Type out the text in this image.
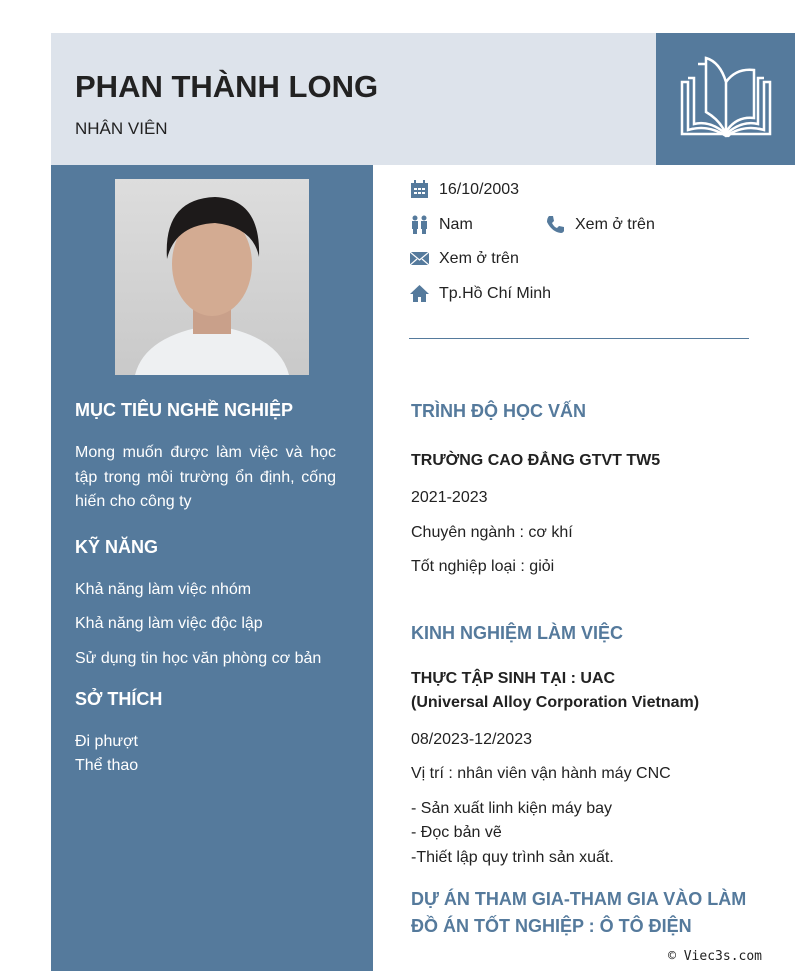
PHAN THÀNH LONG
NHÂN VIÊN
MỤC TIÊU NGHỀ NGHIỆP
Mong muốn được làm việc và học tập trong môi trường ổn định, cống hiến cho công ty
KỸ NĂNG
Khả năng làm việc nhóm
Khả năng làm việc độc lập
Sử dụng tin học văn phòng cơ bản
SỞ THÍCH
Đi phượt
Thể thao
16/10/2003
Nam	Xem ở trên
Xem ở trên
Tp.Hồ Chí Minh
TRÌNH ĐỘ HỌC VẤN
TRƯỜNG CAO ĐẲNG GTVT TW5
2021-2023
Chuyên ngành : cơ khí
Tốt nghiệp loại : giỏi
KINH NGHIỆM LÀM VIỆC
THỰC TẬP SINH TẠI : UAC
(Universal Alloy Corporation Vietnam)
08/2023-12/2023
Vị trí : nhân viên vận hành máy CNC
- Sản xuất linh kiện máy bay
- Đọc bản vẽ
-Thiết lập quy trình sản xuất.
DỰ ÁN THAM GIA-THAM GIA VÀO LÀM
ĐỒ ÁN TỐT NGHIỆP : Ô TÔ ĐIỆN
© Viec3s.com
